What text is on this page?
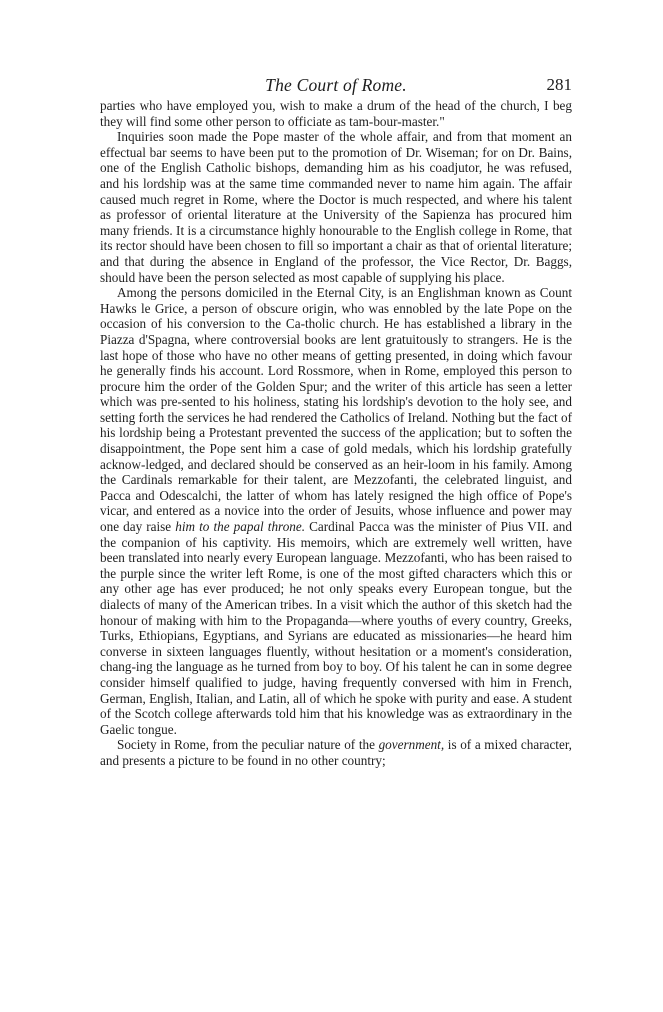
The Court of Rome.	281

parties who have employed you, wish to make a drum of the head of the church, I beg they will find some other person to officiate as tam-bour-master."

Inquiries soon made the Pope master of the whole affair, and from that moment an effectual bar seems to have been put to the promotion of Dr. Wiseman; for on Dr. Bains, one of the English Catholic bishops, demanding him as his coadjutor, he was refused, and his lordship was at the same time commanded never to name him again. The affair caused much regret in Rome, where the Doctor is much respected, and where his talent as professor of oriental literature at the University of the Sapienza has procured him many friends. It is a circumstance highly honourable to the English college in Rome, that its rector should have been chosen to fill so important a chair as that of oriental literature; and that during the absence in England of the professor, the Vice Rector, Dr. Baggs, should have been the person selected as most capable of supplying his place.

Among the persons domiciled in the Eternal City, is an Englishman known as Count Hawks le Grice, a person of obscure origin, who was ennobled by the late Pope on the occasion of his conversion to the Ca-tholic church. He has established a library in the Piazza d'Spagna, where controversial books are lent gratuitously to strangers. He is the last hope of those who have no other means of getting presented, in doing which favour he generally finds his account. Lord Rossmore, when in Rome, employed this person to procure him the order of the Golden Spur; and the writer of this article has seen a letter which was pre-sented to his holiness, stating his lordship's devotion to the holy see, and setting forth the services he had rendered the Catholics of Ireland. Nothing but the fact of his lordship being a Protestant prevented the success of the application; but to soften the disappointment, the Pope sent him a case of gold medals, which his lordship gratefully acknow-ledged, and declared should be conserved as an heir-loom in his family. Among the Cardinals remarkable for their talent, are Mezzofanti, the celebrated linguist, and Pacca and Odescalchi, the latter of whom has lately resigned the high office of Pope's vicar, and entered as a novice into the order of Jesuits, whose influence and power may one day raise him to the papal throne. Cardinal Pacca was the minister of Pius VII. and the companion of his captivity. His memoirs, which are extremely well written, have been translated into nearly every European language. Mezzofanti, who has been raised to the purple since the writer left Rome, is one of the most gifted characters which this or any other age has ever produced; he not only speaks every European tongue, but the dialects of many of the American tribes. In a visit which the author of this sketch had the honour of making with him to the Propaganda—where youths of every country, Greeks, Turks, Ethiopians, Egyptians, and Syrians are educated as missionaries—he heard him converse in sixteen languages fluently, without hesitation or a moment's consideration, chang-ing the language as he turned from boy to boy. Of his talent he can in some degree consider himself qualified to judge, having frequently conversed with him in French, German, English, Italian, and Latin, all of which he spoke with purity and ease. A student of the Scotch college afterwards told him that his knowledge was as extraordinary in the Gaelic tongue.

Society in Rome, from the peculiar nature of the government, is of a mixed character, and presents a picture to be found in no other country;
